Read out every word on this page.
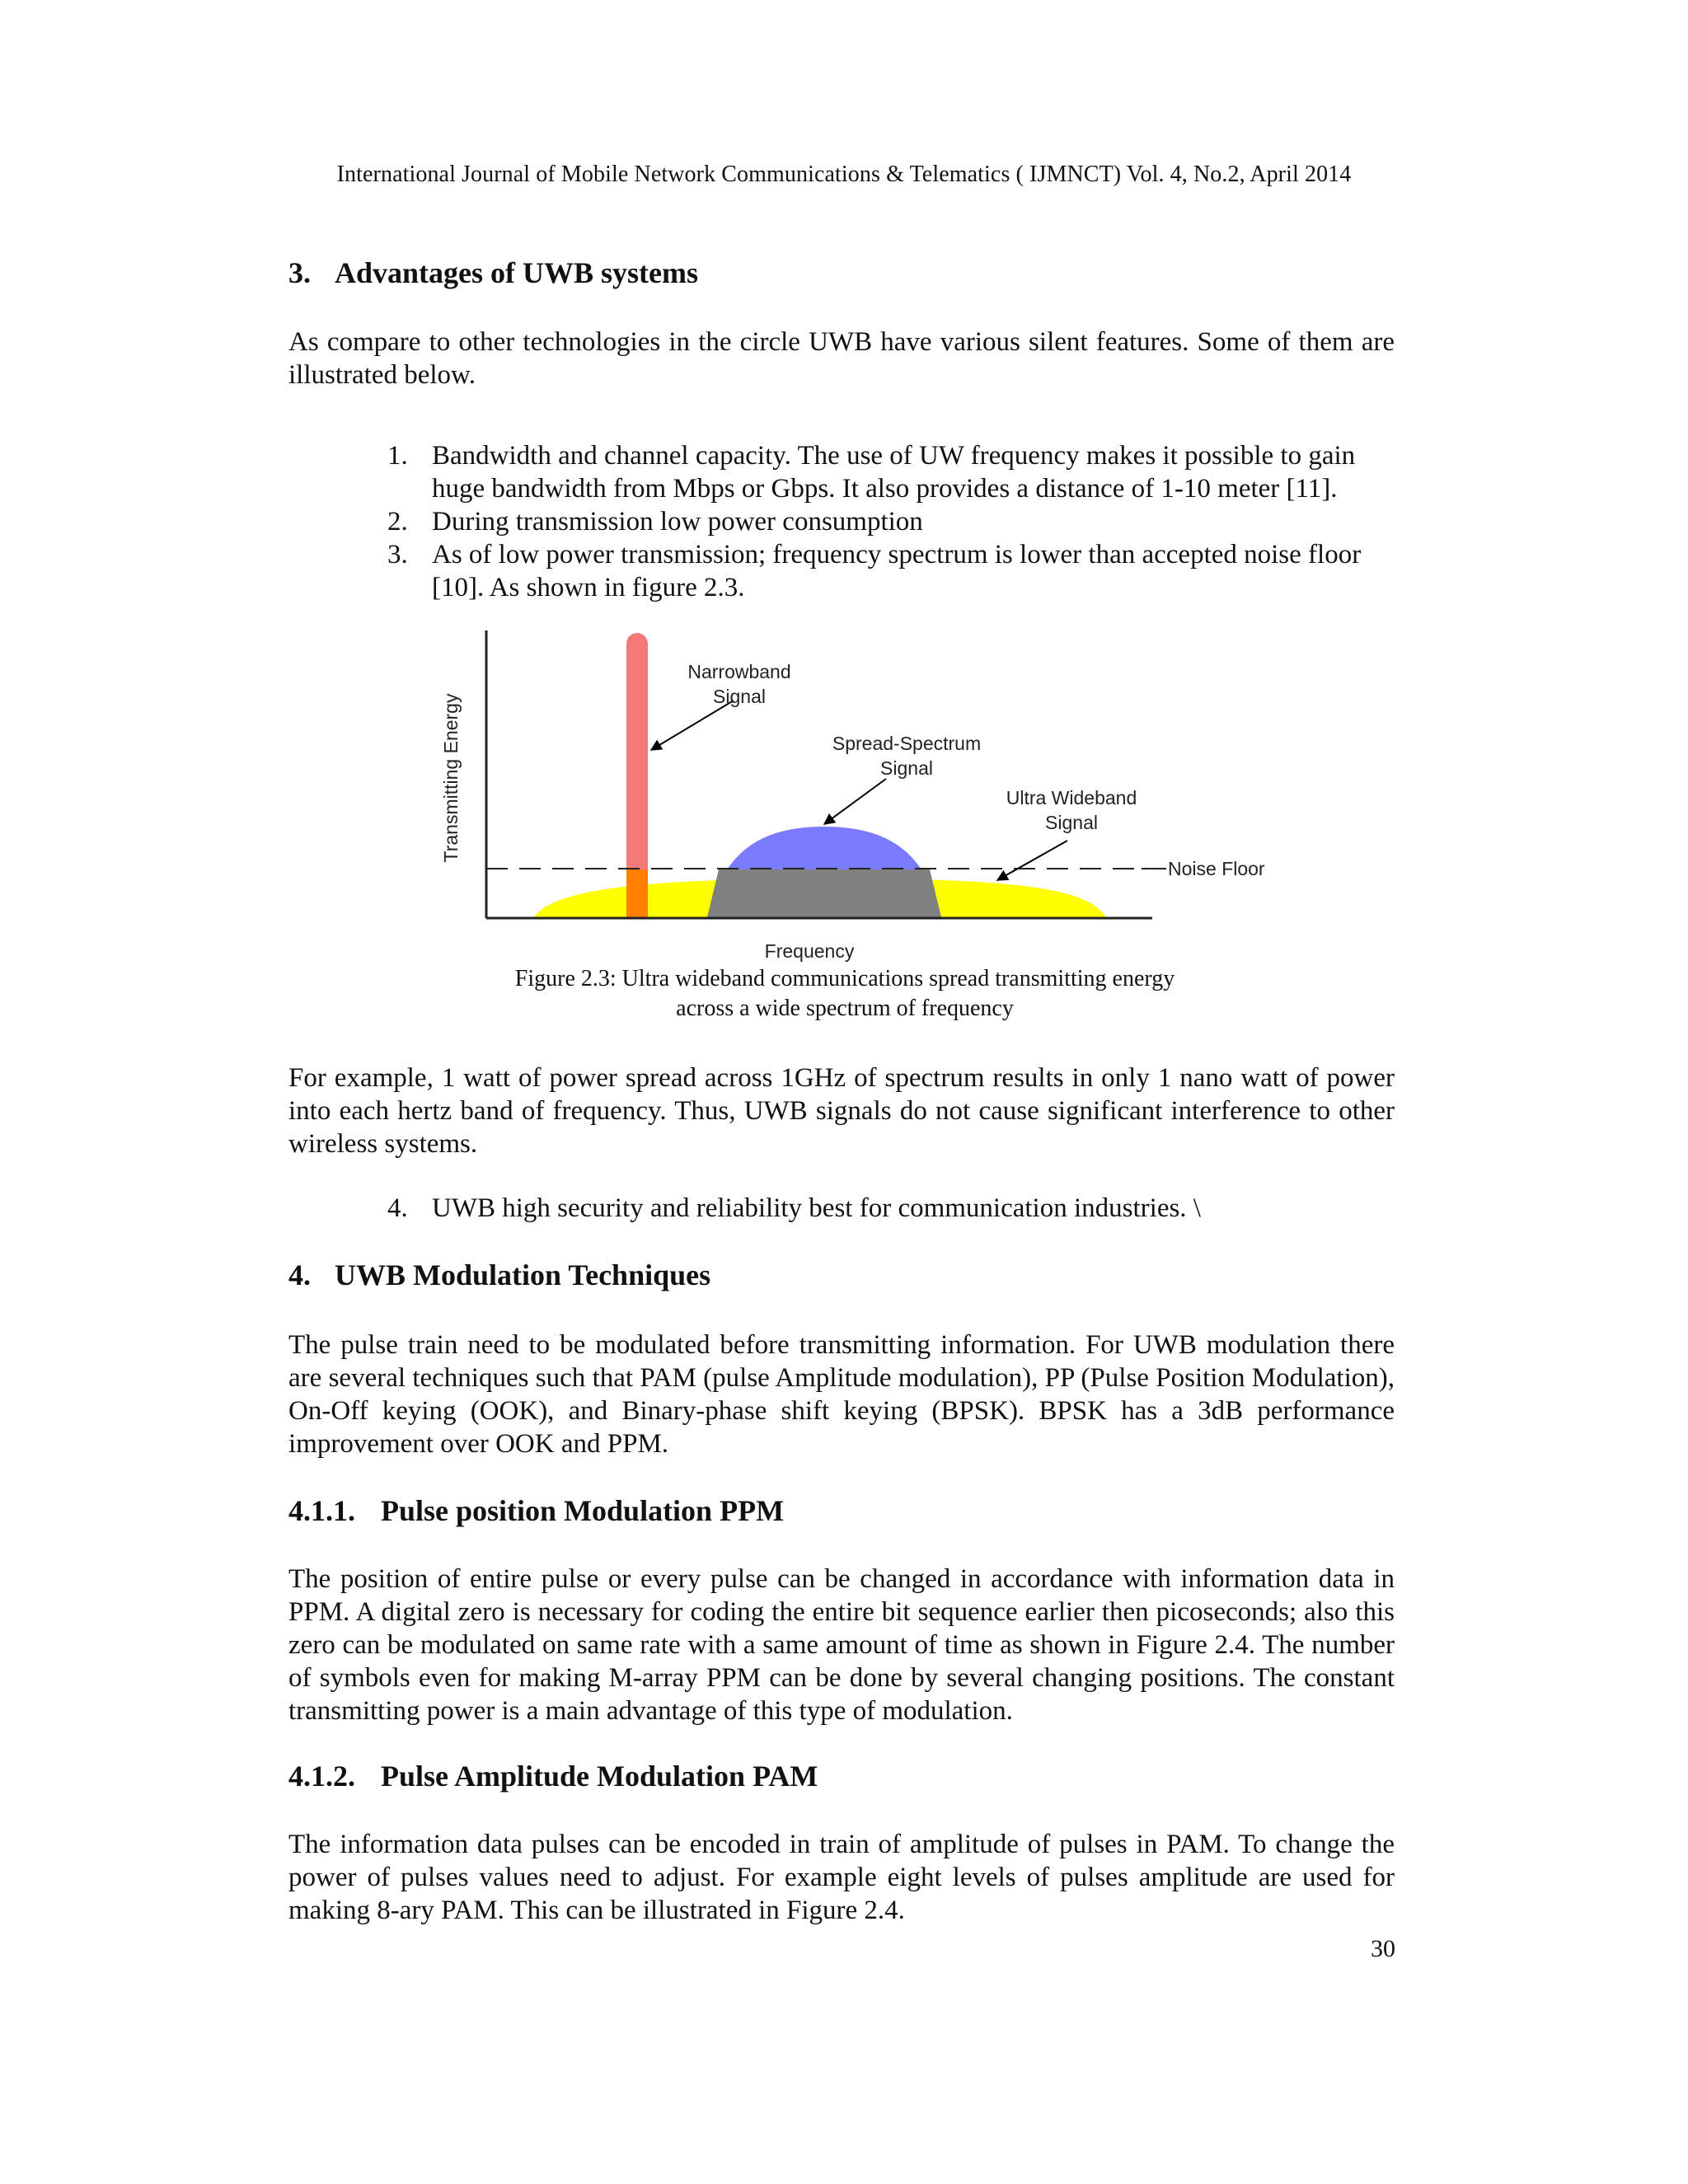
International Journal of Mobile Network Communications & Telematics ( IJMNCT) Vol. 4, No.2, April 2014
3. Advantages of UWB systems

As compare to other technologies in the circle UWB have various silent features. Some of them are illustrated below.

1. Bandwidth and channel capacity. The use of UW frequency makes it possible to gain huge bandwidth from Mbps or Gbps. It also provides a distance of 1-10 meter [11].
2. During transmission low power consumption
3. As of low power transmission; frequency spectrum is lower than accepted noise floor [10]. As shown in figure 2.3.
Transmitting Energy
Frequency
Narrowband
Signal
Spread-Spectrum
Signal
Ultra Wideband
Signal
Noise Floor
Figure 2.3: Ultra wideband communications spread transmitting energy
across a wide spectrum of frequency

For example, 1 watt of power spread across 1GHz of spectrum results in only 1 nano watt of power into each hertz band of frequency. Thus, UWB signals do not cause significant interference to other wireless systems.

4. UWB high security and reliability best for communication industries. \
4. UWB Modulation Techniques

The pulse train need to be modulated before transmitting information. For UWB modulation there are several techniques such that PAM (pulse Amplitude modulation), PP (Pulse Position Modulation), On-Off keying (OOK), and Binary-phase shift keying (BPSK). BPSK has a 3dB performance improvement over OOK and PPM.

4.1.1. Pulse position Modulation PPM

The position of entire pulse or every pulse can be changed in accordance with information data in PPM. A digital zero is necessary for coding the entire bit sequence earlier then picoseconds; also this zero can be modulated on same rate with a same amount of time as shown in Figure 2.4. The number of symbols even for making M-array PPM can be done by several changing positions. The constant transmitting power is a main advantage of this type of modulation.

4.1.2. Pulse Amplitude Modulation PAM

The information data pulses can be encoded in train of amplitude of pulses in PAM. To change the power of pulses values need to adjust. For example eight levels of pulses amplitude are used for making 8-ary PAM. This can be illustrated in Figure 2.4.

30
